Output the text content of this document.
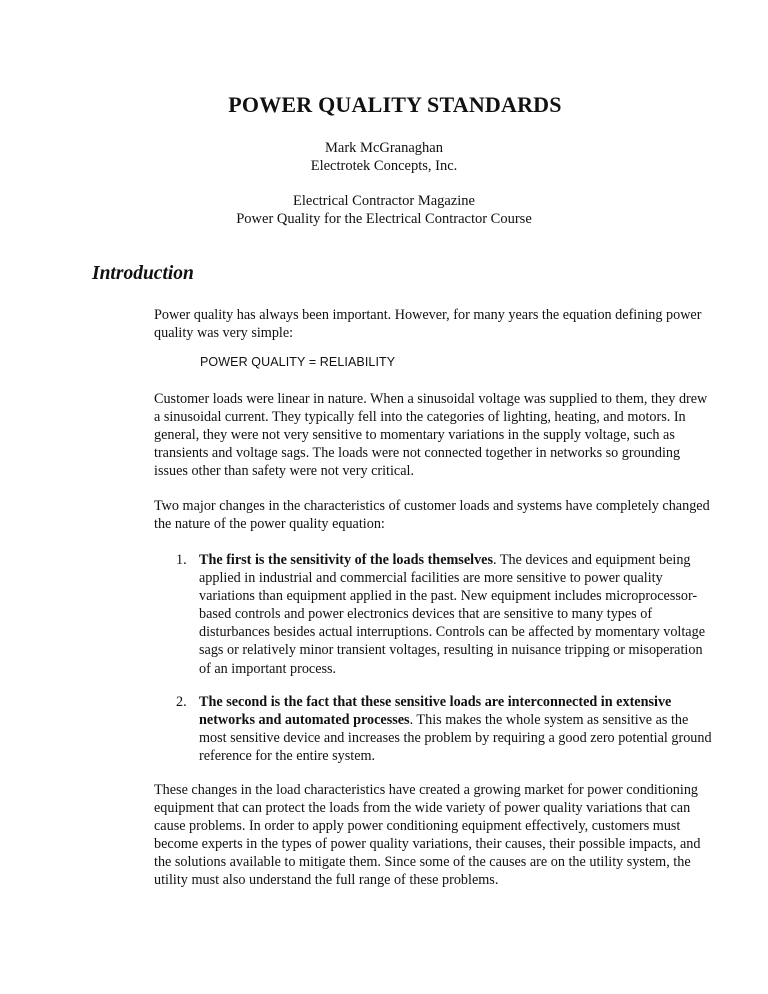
POWER QUALITY STANDARDS
Mark McGranaghan
Electrotek Concepts, Inc.
Electrical Contractor Magazine
Power Quality for the Electrical Contractor Course
Introduction

Power quality has always been important. However, for many years the equation defining power quality was very simple:

POWER QUALITY = RELIABILITY

Customer loads were linear in nature. When a sinusoidal voltage was supplied to them, they drew a sinusoidal current. They typically fell into the categories of lighting, heating, and motors. In general, they were not very sensitive to momentary variations in the supply voltage, such as transients and voltage sags. The loads were not connected together in networks so grounding issues other than safety were not very critical.

Two major changes in the characteristics of customer loads and systems have completely changed the nature of the power quality equation:

1. The first is the sensitivity of the loads themselves. The devices and equipment being applied in industrial and commercial facilities are more sensitive to power quality variations than equipment applied in the past. New equipment includes microprocessor-based controls and power electronics devices that are sensitive to many types of disturbances besides actual interruptions. Controls can be affected by momentary voltage sags or relatively minor transient voltages, resulting in nuisance tripping or misoperation of an important process.
2. The second is the fact that these sensitive loads are interconnected in extensive networks and automated processes. This makes the whole system as sensitive as the most sensitive device and increases the problem by requiring a good zero potential ground reference for the entire system.

These changes in the load characteristics have created a growing market for power conditioning equipment that can protect the loads from the wide variety of power quality variations that can cause problems. In order to apply power conditioning equipment effectively, customers must become experts in the types of power quality variations, their causes, their possible impacts, and the solutions available to mitigate them. Since some of the causes are on the utility system, the utility must also understand the full range of these problems.
